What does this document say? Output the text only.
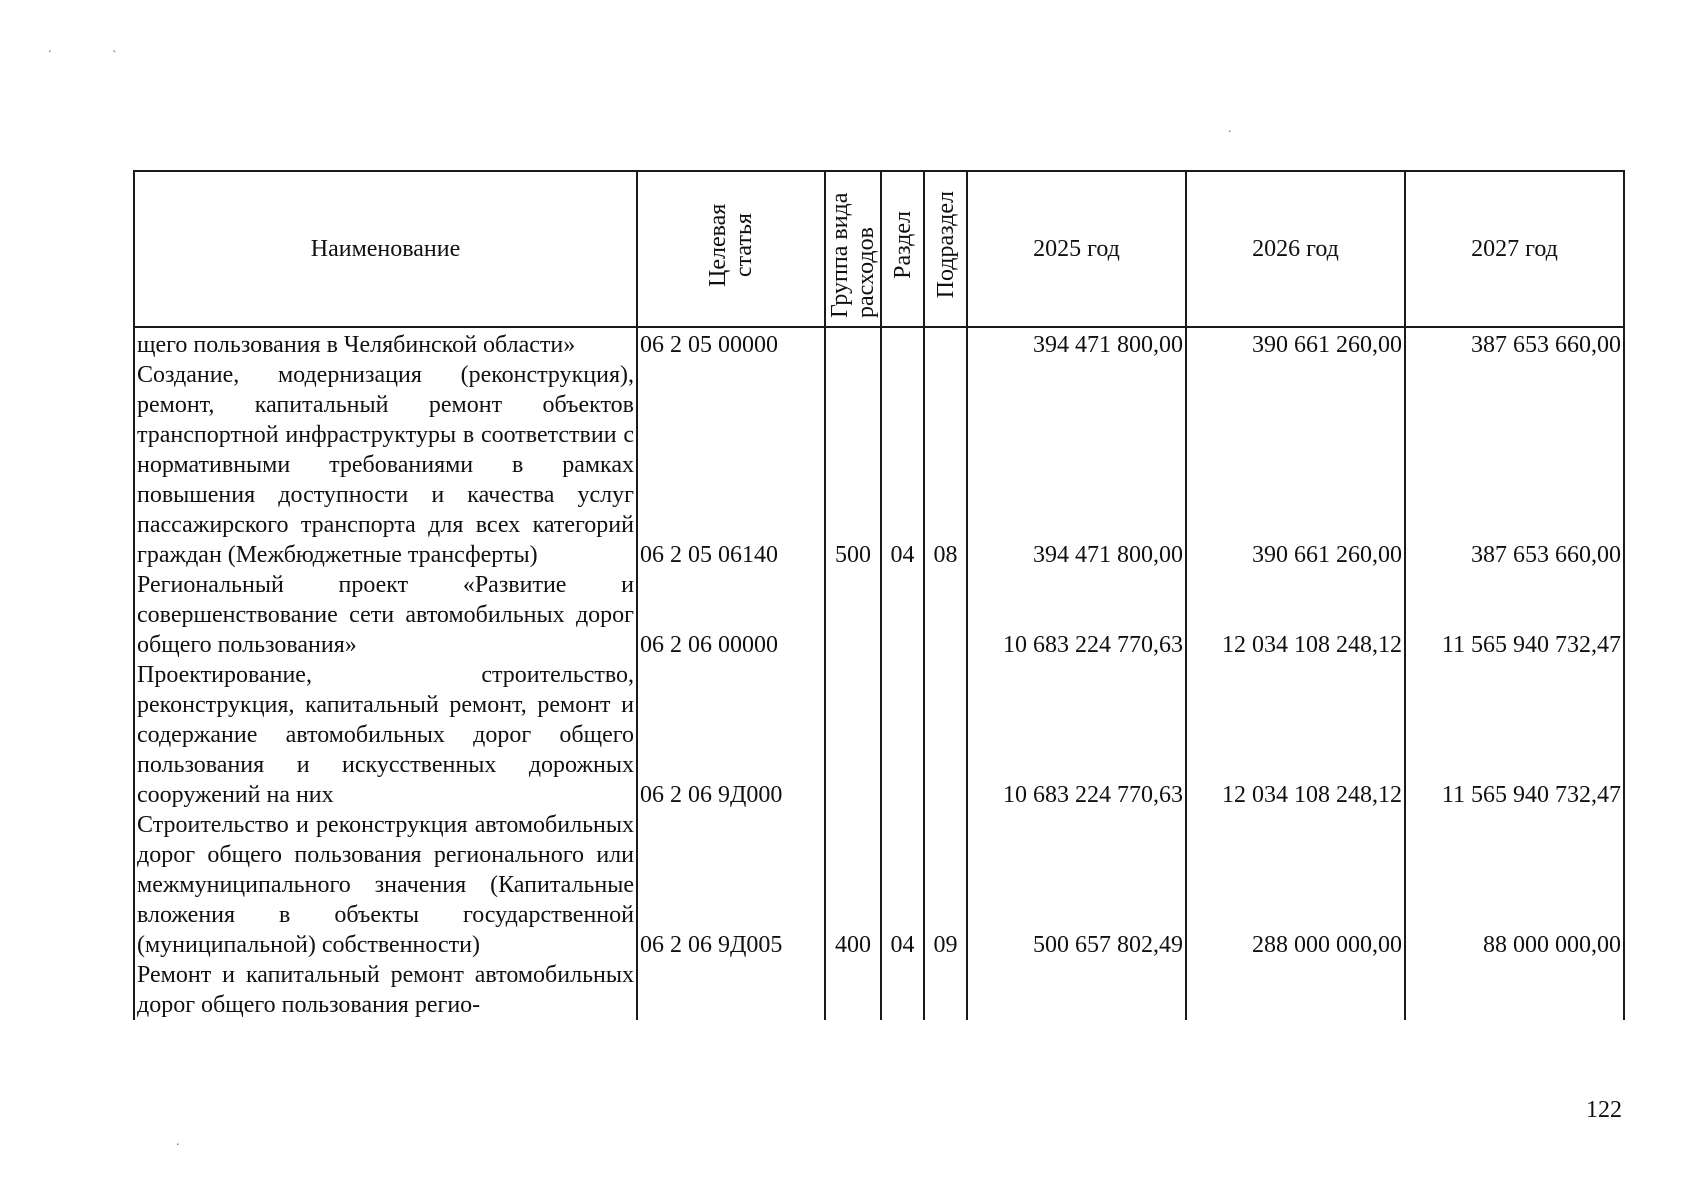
.
`
.
.
Наименование	Целевая статья	Группа вида расходов	Раздел	Подраздел	2025 год	2026 год	2027 год
щего пользования в Челябинской области»	06 2 05 00000				394 471 800,00	390 661 260,00	387 653 660,00
Создание, модернизация (реконструкция), ремонт, капитальный ремонт объектов транспортной инфраструктуры в соответствии с нормативными требованиями в рамках повышения доступности и качества услуг пассажирского транспорта для всех категорий граждан (Межбюджетные трансферты)	06 2 05 06140	500	04	08	394 471 800,00	390 661 260,00	387 653 660,00
Региональный проект «Развитие и совершенствование сети автомобильных дорог общего пользования»	06 2 06 00000				10 683 224 770,63	12 034 108 248,12	11 565 940 732,47
Проектирование, строительство, реконструкция, капитальный ремонт, ремонт и содержание автомобильных дорог общего пользования и искусственных дорожных сооружений на них	06 2 06 9Д000				10 683 224 770,63	12 034 108 248,12	11 565 940 732,47
Строительство и реконструкция автомобильных дорог общего пользования регионального или межмуниципального значения (Капитальные вложения в объекты государственной (муниципальной) собственности)	06 2 06 9Д005	400	04	09	500 657 802,49	288 000 000,00	88 000 000,00
Ремонт и капитальный ремонт автомобильных дорог общего пользования регио-							
122
